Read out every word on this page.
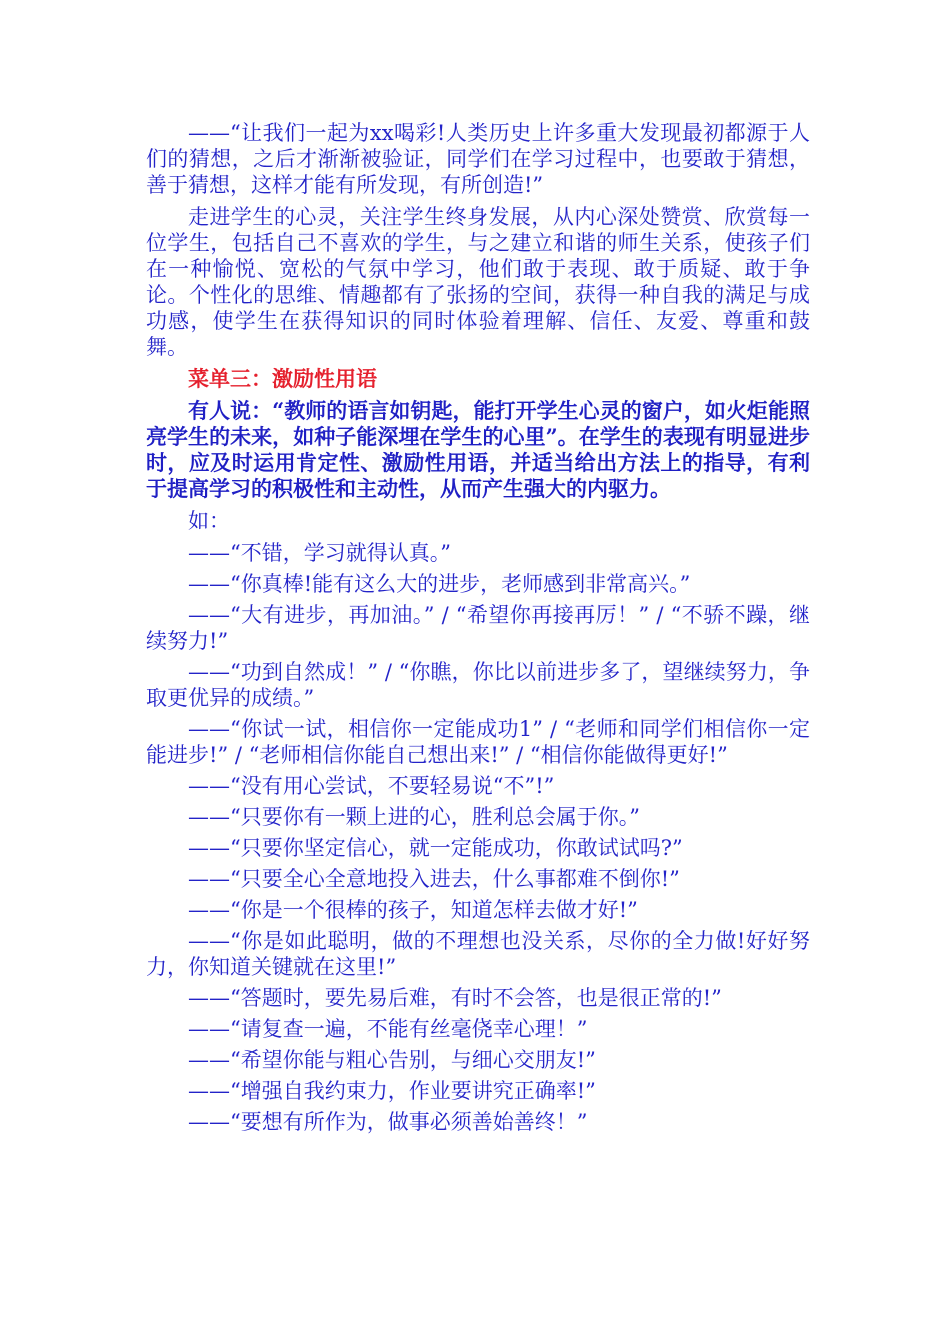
——“让我们一起为xx喝彩!人类历史上许多重大发现最初都源于人们的猜想，之后才渐渐被验证，同学们在学习过程中，也要敢于猜想，善于猜想，这样才能有所发现，有所创造!”

走进学生的心灵，关注学生终身发展，从内心深处赞赏、欣赏每一位学生，包括自己不喜欢的学生，与之建立和谐的师生关系，使孩子们在一种愉悦、宽松的气氛中学习，他们敢于表现、敢于质疑、敢于争论。个性化的思维、情趣都有了张扬的空间，获得一种自我的满足与成功感，使学生在获得知识的同时体验着理解、信任、友爱、尊重和鼓舞。

菜单三：激励性用语

有人说：“教师的语言如钥匙，能打开学生心灵的窗户，如火炬能照亮学生的未来，如种子能深埋在学生的心里”。在学生的表现有明显进步时，应及时运用肯定性、激励性用语，并适当给出方法上的指导，有利于提高学习的积极性和主动性，从而产生强大的内驱力。

如：

——“不错，学习就得认真。”

——“你真棒!能有这么大的进步，老师感到非常高兴。”

——“大有进步，再加油。” / “希望你再接再厉！” / “不骄不躁，继续努力!”

——“功到自然成！” / “你瞧，你比以前进步多了，望继续努力，争取更优异的成绩。”

——“你试一试，相信你一定能成功1” / “老师和同学们相信你一定能进步!” / “老师相信你能自己想出来!” / “相信你能做得更好!”

——“没有用心尝试，不要轻易说“不”!”

——“只要你有一颗上进的心，胜利总会属于你。”

——“只要你坚定信心，就一定能成功，你敢试试吗?”

——“只要全心全意地投入进去，什么事都难不倒你!”

——“你是一个很棒的孩子，知道怎样去做才好!”

——“你是如此聪明，做的不理想也没关系，尽你的全力做!好好努力，你知道关键就在这里!”

——“答题时，要先易后难，有时不会答，也是很正常的!”

——“请复查一遍，不能有丝毫侥幸心理！”

——“希望你能与粗心告别，与细心交朋友!”

——“增强自我约束力，作业要讲究正确率!”

——“要想有所作为，做事必须善始善终！”
